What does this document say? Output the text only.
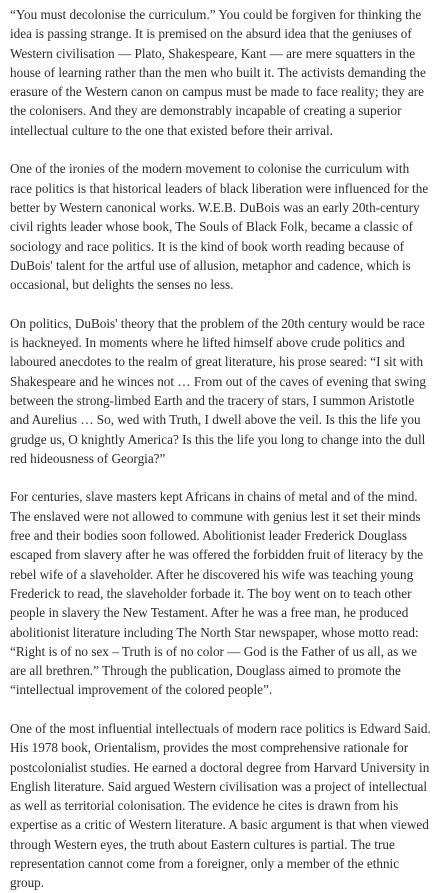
“You must decolonise the curriculum.” You could be forgiven for thinking the idea is passing strange. It is premised on the absurd idea that the geniuses of Western civilisation — Plato, Shakespeare, Kant — are mere squatters in the house of learning rather than the men who built it. The activists demanding the erasure of the Western canon on campus must be made to face reality; they are the colonisers. And they are demonstrably incapable of creating a superior intellectual culture to the one that existed before their arrival.

One of the ironies of the modern movement to colonise the curriculum with race politics is that historical leaders of black liberation were influenced for the better by Western canonical works. W.E.B. DuBois was an early 20th-century civil rights leader whose book, The Souls of Black Folk, became a classic of sociology and race politics. It is the kind of book worth reading because of DuBois' talent for the artful use of allusion, metaphor and cadence, which is occasional, but delights the senses no less.

On politics, DuBois' theory that the problem of the 20th century would be race is hackneyed. In moments where he lifted himself above crude politics and laboured anecdotes to the realm of great literature, his prose seared: “I sit with Shakespeare and he winces not … From out of the caves of evening that swing between the strong-limbed Earth and the tracery of stars, I summon Aristotle and Aurelius … So, wed with Truth, I dwell above the veil. Is this the life you grudge us, O knightly America? Is this the life you long to change into the dull red hideousness of Georgia?”

For centuries, slave masters kept Africans in chains of metal and of the mind. The enslaved were not allowed to commune with genius lest it set their minds free and their bodies soon followed. Abolitionist leader Frederick Douglass escaped from slavery after he was offered the forbidden fruit of literacy by the rebel wife of a slaveholder. After he discovered his wife was teaching young Frederick to read, the slaveholder forbade it. The boy went on to teach other people in slavery the New Testament. After he was a free man, he produced abolitionist literature including The North Star newspaper, whose motto read: “Right is of no sex – Truth is of no color — God is the Father of us all, as we are all brethren.” Through the publication, Douglass aimed to promote the “intellectual improvement of the colored people”.

One of the most influential intellectuals of modern race politics is Edward Said. His 1978 book, Orientalism, provides the most comprehensive rationale for postcolonialist studies. He earned a doctoral degree from Harvard University in English literature. Said argued Western civilisation was a project of intellectual as well as territorial colonisation. The evidence he cites is drawn from his expertise as a critic of Western literature. A basic argument is that when viewed through Western eyes, the truth about Eastern cultures is partial. The true representation cannot come from a foreigner, only a member of the ethnic group.
